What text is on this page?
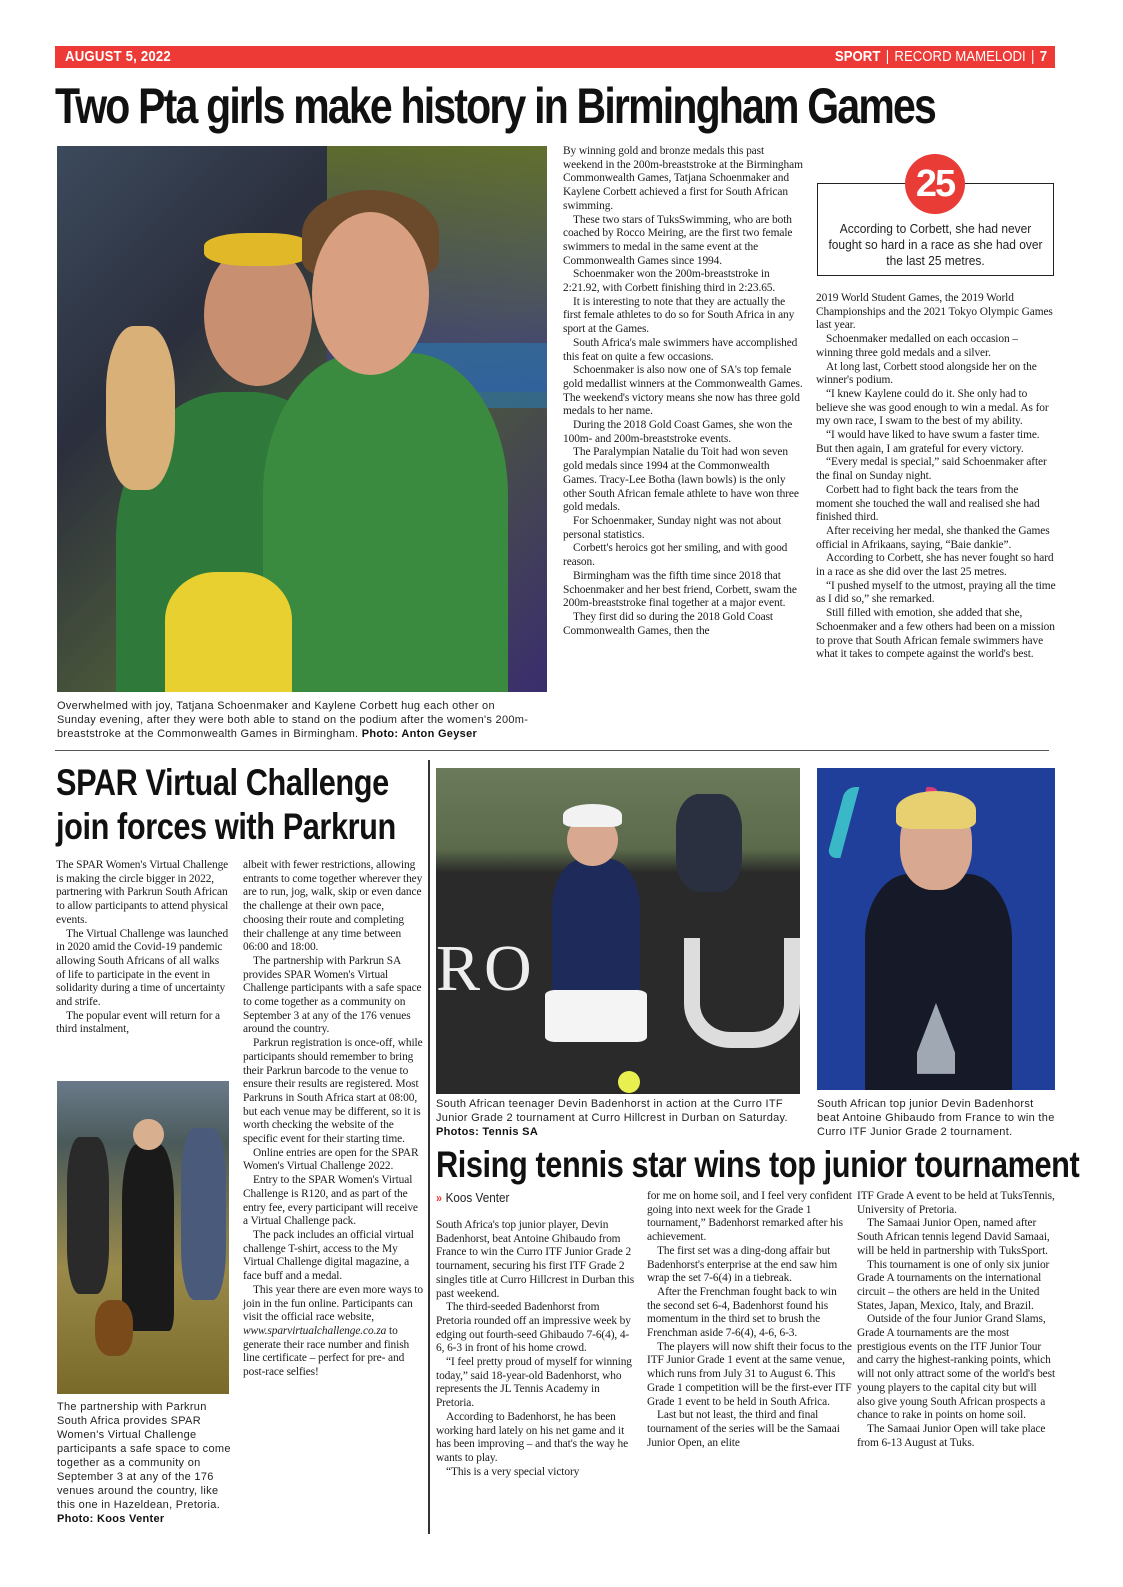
AUGUST 5, 2022	SPORT | RECORD MAMELODI | 7
Two Pta girls make history in Birmingham Games
Overwhelmed with joy, Tatjana Schoenmaker and Kaylene Corbett hug each other on Sunday evening, after they were both able to stand on the podium after the women's 200m-breaststroke at the Commonwealth Games in Birmingham. Photo: Anton Geyser

By winning gold and bronze medals this past weekend in the 200m-breaststroke at the Birmingham Commonwealth Games, Tatjana Schoenmaker and Kaylene Corbett achieved a first for South African swimming.

These two stars of TuksSwimming, who are both coached by Rocco Meiring, are the first two female swimmers to medal in the same event at the Commonwealth Games since 1994.

Schoenmaker won the 200m-breaststroke in 2:21.92, with Corbett finishing third in 2:23.65.

It is interesting to note that they are actually the first female athletes to do so for South Africa in any sport at the Games.

South Africa's male swimmers have accomplished this feat on quite a few occasions.

Schoenmaker is also now one of SA's top female gold medallist winners at the Commonwealth Games. The weekend's victory means she now has three gold medals to her name.

During the 2018 Gold Coast Games, she won the 100m- and 200m-breaststroke events.

The Paralympian Natalie du Toit had won seven gold medals since 1994 at the Commonwealth Games. Tracy-Lee Botha (lawn bowls) is the only other South African female athlete to have won three gold medals.

For Schoenmaker, Sunday night was not about personal statistics.

Corbett's heroics got her smiling, and with good reason.

Birmingham was the fifth time since 2018 that Schoenmaker and her best friend, Corbett, swam the 200m-breaststroke final together at a major event.

They first did so during the 2018 Gold Coast Commonwealth Games, then the

25
According to Corbett, she had never fought so hard in a race as she had over the last 25 metres.

2019 World Student Games, the 2019 World Championships and the 2021 Tokyo Olympic Games last year.

Schoenmaker medalled on each occasion – winning three gold medals and a silver.

At long last, Corbett stood alongside her on the winner's podium.

“I knew Kaylene could do it. She only had to believe she was good enough to win a medal. As for my own race, I swam to the best of my ability.

“I would have liked to have swum a faster time. But then again, I am grateful for every victory.

“Every medal is special,” said Schoenmaker after the final on Sunday night.

Corbett had to fight back the tears from the moment she touched the wall and realised she had finished third.

After receiving her medal, she thanked the Games official in Afrikaans, saying, “Baie dankie”.

According to Corbett, she has never fought so hard in a race as she did over the last 25 metres.

“I pushed myself to the utmost, praying all the time as I did so,” she remarked.

Still filled with emotion, she added that she, Schoenmaker and a few others had been on a mission to prove that South African female swimmers have what it takes to compete against the world's best.

SPAR Virtual Challenge
join forces with Parkrun

The SPAR Women's Virtual Challenge is making the circle bigger in 2022, partnering with Parkrun South African to allow participants to attend physical events.

The Virtual Challenge was launched in 2020 amid the Covid-19 pandemic allowing South Africans of all walks of life to participate in the event in solidarity during a time of uncertainty and strife.

The popular event will return for a third instalment,

The partnership with Parkrun South Africa provides SPAR Women's Virtual Challenge participants a safe space to come together as a community on September 3 at any of the 176 venues around the country, like this one in Hazeldean, Pretoria. Photo: Koos Venter

albeit with fewer restrictions, allowing entrants to come together wherever they are to run, jog, walk, skip or even dance the challenge at their own pace, choosing their route and completing their challenge at any time between 06:00 and 18:00.

The partnership with Parkrun SA provides SPAR Women's Virtual Challenge participants with a safe space to come together as a community on September 3 at any of the 176 venues around the country.

Parkrun registration is once-off, while participants should remember to bring their Parkrun barcode to the venue to ensure their results are registered. Most Parkruns in South Africa start at 08:00, but each venue may be different, so it is worth checking the website of the specific event for their starting time.

Online entries are open for the SPAR Women's Virtual Challenge 2022.

Entry to the SPAR Women's Virtual Challenge is R120, and as part of the entry fee, every participant will receive a Virtual Challenge pack.

The pack includes an official virtual challenge T-shirt, access to the My Virtual Challenge digital magazine, a face buff and a medal.

This year there are even more ways to join in the fun online. Participants can visit the official race website, www.sparvirtualchallenge.co.za to generate their race number and finish line certificate – perfect for pre- and post-race selfies!

RO
South African teenager Devin Badenhorst in action at the Curro ITF Junior Grade 2 tournament at Curro Hillcrest in Durban on Saturday.
Photos: Tennis SA
South African top junior Devin Badenhorst beat Antoine Ghibaudo from France to win the Curro ITF Junior Grade 2 tournament.
Rising tennis star wins top junior tournament
» Koos Venter

South Africa's top junior player, Devin Badenhorst, beat Antoine Ghibaudo from France to win the Curro ITF Junior Grade 2 tournament, securing his first ITF Grade 2 singles title at Curro Hillcrest in Durban this past weekend.

The third-seeded Badenhorst from Pretoria rounded off an impressive week by edging out fourth-seed Ghibaudo 7-6(4), 4-6, 6-3 in front of his home crowd.

“I feel pretty proud of myself for winning today,” said 18-year-old Badenhorst, who represents the JL Tennis Academy in Pretoria.

According to Badenhorst, he has been working hard lately on his net game and it has been improving – and that's the way he wants to play.

“This is a very special victory

for me on home soil, and I feel very confident going into next week for the Grade 1 tournament,” Badenhorst remarked after his achievement.

The first set was a ding-dong affair but Badenhorst's enterprise at the end saw him wrap the set 7-6(4) in a tiebreak.

After the Frenchman fought back to win the second set 6-4, Badenhorst found his momentum in the third set to brush the Frenchman aside 7-6(4), 4-6, 6-3.

The players will now shift their focus to the ITF Junior Grade 1 event at the same venue, which runs from July 31 to August 6. This Grade 1 competition will be the first-ever ITF Grade 1 event to be held in South Africa.

Last but not least, the third and final tournament of the series will be the Samaai Junior Open, an elite

ITF Grade A event to be held at TuksTennis, University of Pretoria.

The Samaai Junior Open, named after South African tennis legend David Samaai, will be held in partnership with TuksSport.

This tournament is one of only six junior Grade A tournaments on the international circuit – the others are held in the United States, Japan, Mexico, Italy, and Brazil.

Outside of the four Junior Grand Slams, Grade A tournaments are the most prestigious events on the ITF Junior Tour and carry the highest-ranking points, which will not only attract some of the world's best young players to the capital city but will also give young South African prospects a chance to rake in points on home soil.

The Samaai Junior Open will take place from 6-13 August at Tuks.
